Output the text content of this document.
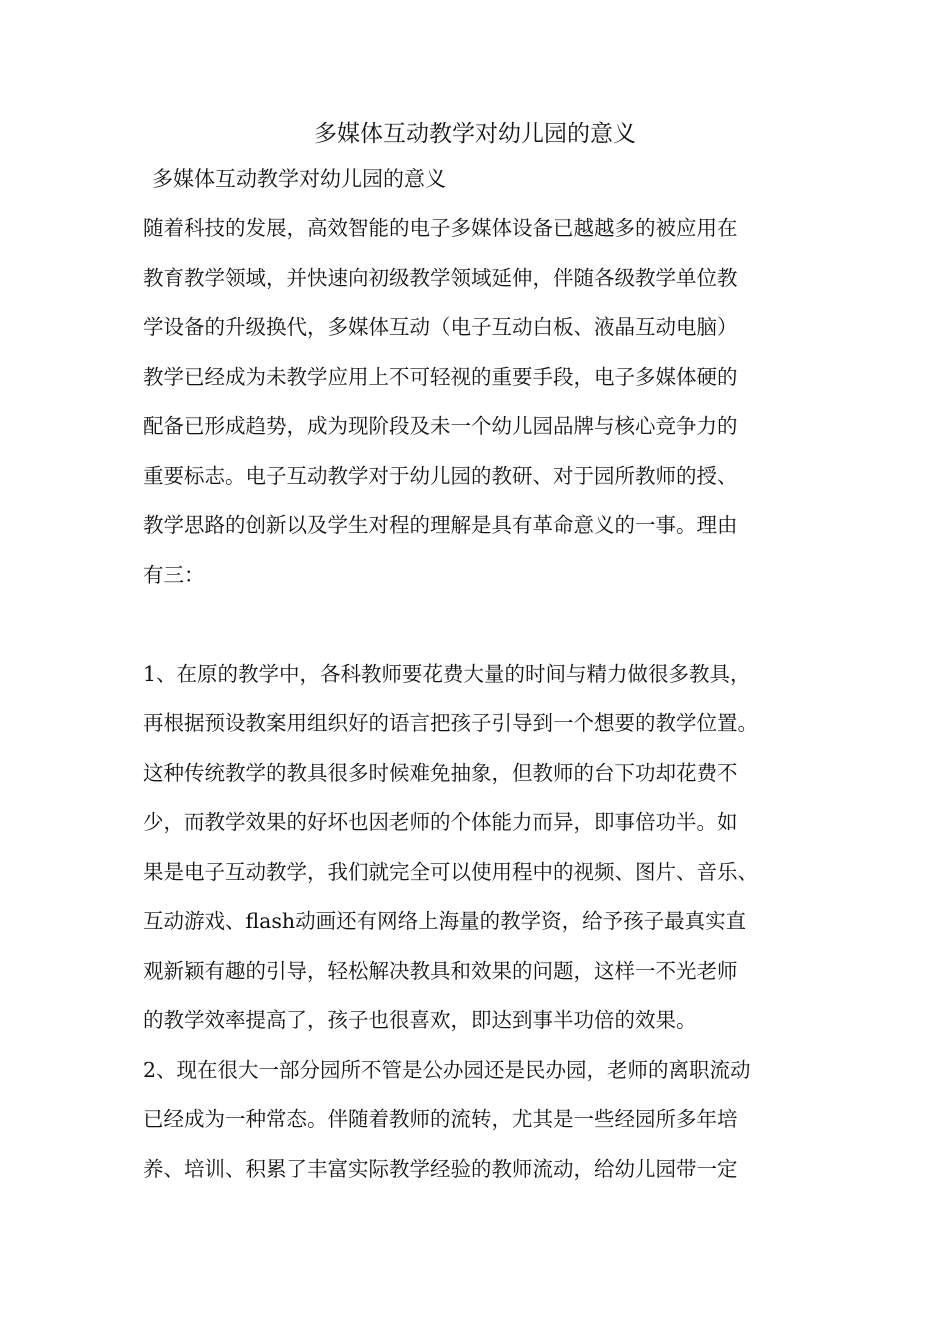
多媒体互动教学对幼儿园的意义
多媒体互动教学对幼儿园的意义
随着科技的发展，高效智能的电子多媒体设备已越越多的被应用在
教育教学领域，并快速向初级教学领域延伸，伴随各级教学单位教
学设备的升级换代，多媒体互动（电子互动白板、液晶互动电脑）
教学已经成为未教学应用上不可轻视的重要手段，电子多媒体硬的
配备已形成趋势，成为现阶段及未一个幼儿园品牌与核心竞争力的
重要标志。电子互动教学对于幼儿园的教研、对于园所教师的授、
教学思路的创新以及学生对程的理解是具有革命意义的一事。理由
有三：
1、在原的教学中，各科教师要花费大量的时间与精力做很多教具，
再根据预设教案用组织好的语言把孩子引导到一个想要的教学位置。
这种传统教学的教具很多时候难免抽象，但教师的台下功却花费不
少，而教学效果的好坏也因老师的个体能力而异，即事倍功半。如
果是电子互动教学，我们就完全可以使用程中的视频、图片、音乐、
互动游戏、flash动画还有网络上海量的教学资，给予孩子最真实直
观新颖有趣的引导，轻松解决教具和效果的问题，这样一不光老师
的教学效率提高了，孩子也很喜欢，即达到事半功倍的效果。
2、现在很大一部分园所不管是公办园还是民办园，老师的离职流动
已经成为一种常态。伴随着教师的流转，尤其是一些经园所多年培
养、培训、积累了丰富实际教学经验的教师流动，给幼儿园带一定
